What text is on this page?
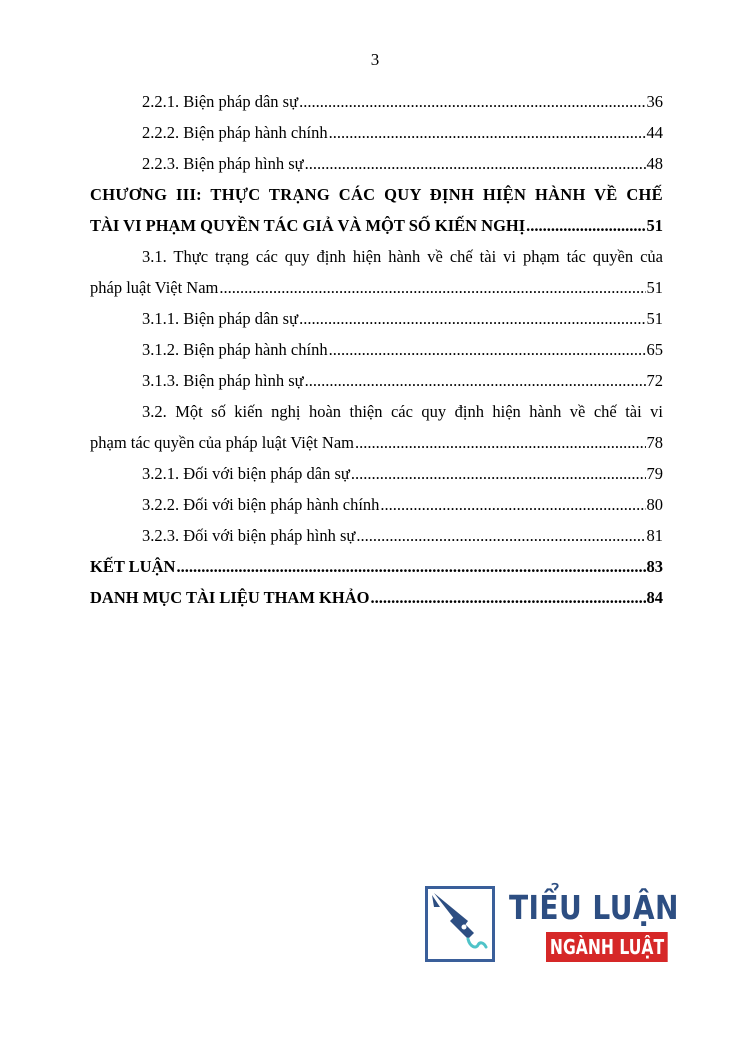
3
2.2.1. Biện pháp dân sự .....	36
2.2.2. Biện pháp hành chính .....	44
2.2.3. Biện pháp hình sự .....	48
CHƯƠNG III: THỰC TRẠNG CÁC QUY ĐỊNH HIỆN HÀNH VỀ CHẾ
TÀI VI PHẠM QUYỀN TÁC GIẢ VÀ MỘT SỐ KIẾN NGHỊ .....	51
3.1. Thực trạng các quy định hiện hành về chế tài vi phạm tác quyền của
pháp luật Việt Nam .....	51
3.1.1. Biện pháp dân sự .....	51
3.1.2. Biện pháp hành chính .....	65
3.1.3. Biện pháp hình sự .....	72
3.2. Một số kiến nghị hoàn thiện các quy định hiện hành về chế tài vi
phạm tác quyền của pháp luật Việt Nam .....	78
3.2.1. Đối với biện pháp dân sự .....	79
3.2.2. Đối với biện pháp hành chính .....	80
3.2.3. Đối với biện pháp hình sự .....	81
KẾT LUẬN .....	83
DANH MỤC TÀI LIỆU THAM KHẢO .....	84
TIỂU LUẬN
NGÀNH LUẬT
